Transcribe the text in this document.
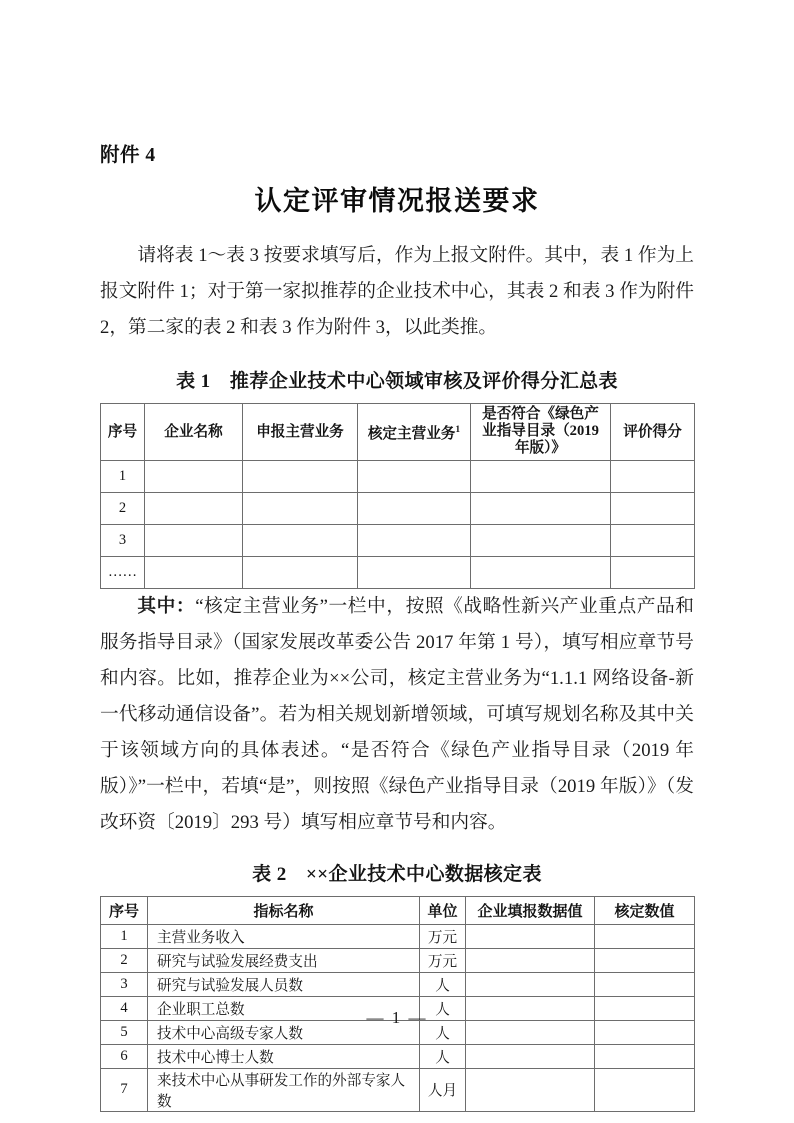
附件 4
认定评审情况报送要求

请将表 1～表 3 按要求填写后，作为上报文附件。其中，表 1 作为上报文附件 1；对于第一家拟推荐的企业技术中心，其表 2 和表 3 作为附件 2，第二家的表 2 和表 3 作为附件 3，以此类推。

表 1　推荐企业技术中心领域审核及评价得分汇总表
序号	企业名称	申报主营业务	核定主营业务$^1$	是否符合《绿色产
业指导目录（2019
年版）》	评价得分
1					
2					
3					
……					

其中：“核定主营业务”一栏中，按照《战略性新兴产业重点产品和服务指导目录》（国家发展改革委公告 2017 年第 1 号），填写相应章节号和内容。比如，推荐企业为××公司，核定主营业务为“1.1.1 网络设备-新一代移动通信设备”。若为相关规划新增领域，可填写规划名称及其中关于该领域方向的具体表述。“是否符合《绿色产业指导目录（2019 年版）》”一栏中，若填“是”，则按照《绿色产业指导目录（2019 年版）》（发改环资〔2019〕293 号）填写相应章节号和内容。

表 2　××企业技术中心数据核定表
序号	指标名称	单位	企业填报数据值	核定数值
1	主营业务收入	万元		
2	研究与试验发展经费支出	万元		
3	研究与试验发展人员数	人		
4	企业职工总数	人		
5	技术中心高级专家人数	人		
6	技术中心博士人数	人		
7	来技术中心从事研发工作的外部专家人数	人月		
— 1 —
